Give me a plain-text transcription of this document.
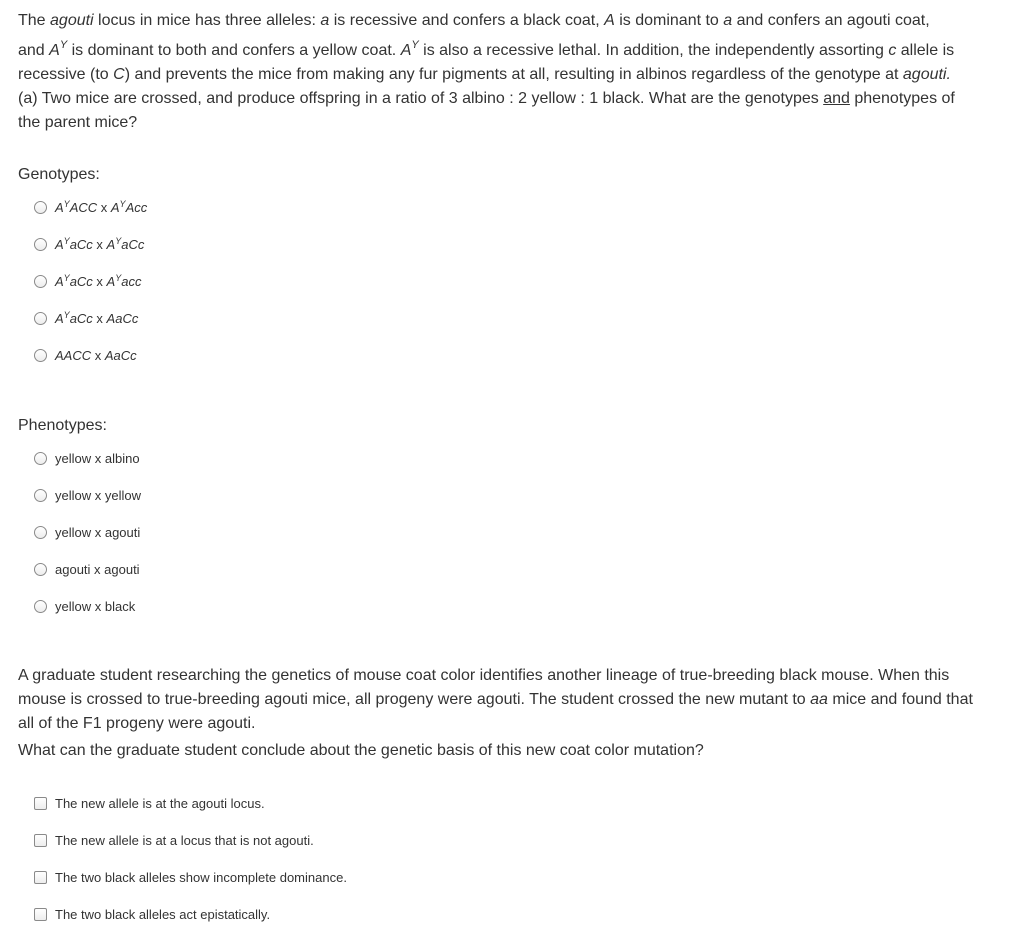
The agouti locus in mice has three alleles: a is recessive and confers a black coat, A is dominant to a and confers an agouti coat,
and $A^Y$ is dominant to both and confers a yellow coat. $A^Y$ is also a recessive lethal. In addition, the independently assorting c allele is
recessive (to C) and prevents the mice from making any fur pigments at all, resulting in albinos regardless of the genotype at agouti.
(a) Two mice are crossed, and produce offspring in a ratio of 3 albino : 2 yellow : 1 black. What are the genotypes and phenotypes of
the parent mice?
Genotypes:
$A^YACC$ x $A^YAcc$
$A^YaCc$ x $A^YaCc$
$A^YaCc$ x $A^Yacc$
$A^YaCc$ x AaCc
AACC x AaCc
Phenotypes:
yellow x albino
yellow x yellow
yellow x agouti
agouti x agouti
yellow x black
A graduate student researching the genetics of mouse coat color identifies another lineage of true-breeding black mouse. When this
mouse is crossed to true-breeding agouti mice, all progeny were agouti. The student crossed the new mutant to aa mice and found that
all of the F1 progeny were agouti.
What can the graduate student conclude about the genetic basis of this new coat color mutation?
The new allele is at the agouti locus.
The new allele is at a locus that is not agouti.
The two black alleles show incomplete dominance.
The two black alleles act epistatically.
